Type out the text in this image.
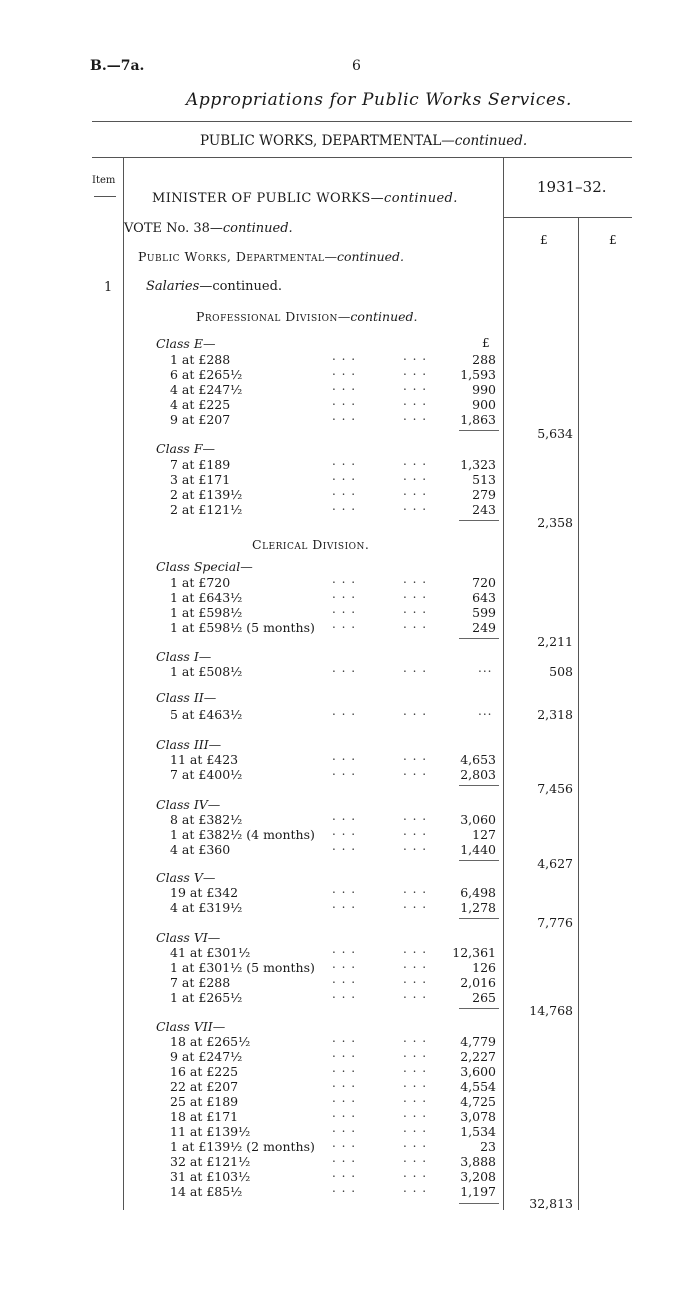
B.—7a.	6
Appropriations for Public Works Services.
PUBLIC WORKS, DEPARTMENTAL—continued.
Item	1931–32.
£	£
MINISTER OF PUBLIC WORKS—continued.
VOTE No. 38—continued.
Public Works, Departmental—continued.
1	Salaries—continued.
Professional Division—continued.
£
Class E—
1 at £288	. . .	. . .	288
6 at £265½	. . .	. . .	1,593
4 at £247½	. . .	. . .	990
4 at £225	. . .	. . .	900
9 at £207	. . .	. . .	1,863
5,634
Class F—
7 at £189	. . .	. . .	1,323
3 at £171	. . .	. . .	513
2 at £139½	. . .	. . .	279
2 at £121½	. . .	. . .	243
2,358
Clerical Division.
Class Special—
1 at £720	. . .	. . .	720
1 at £643½	. . .	. . .	643
1 at £598½	. . .	. . .	599
1 at £598½ (5 months) . . .	. . .	249
2,211
Class I—
1 at £508½	. . .	. . .	...	508
Class II—
5 at £463½	. . .	. . .	...	2,318
Class III—
11 at £423	. . .	. . .	4,653
7 at £400½	. . .	. . .	2,803
7,456
Class IV—
8 at £382½	. . .	. . .	3,060
1 at £382½ (4 months) . . .	. . .	127
4 at £360	. . .	. . .	1,440
4,627
Class V—
19 at £342	. . .	. . .	6,498
4 at £319½	. . .	. . .	1,278
7,776
Class VI—
41 at £301½	. . .	. . .	12,361
1 at £301½ (5 months) . . .	. . .	126
7 at £288	. . .	. . .	2,016
1 at £265½	. . .	. . .	265
14,768
Class VII—
18 at £265½	. . .	. . .	4,779
9 at £247½	. . .	. . .	2,227
16 at £225	. . .	. . .	3,600
22 at £207	. . .	. . .	4,554
25 at £189	. . .	. . .	4,725
18 at £171	. . .	. . .	3,078
11 at £139½	. . .	. . .	1,534
1 at £139½ (2 months) . . .	. . .	23
32 at £121½	. . .	. . .	3,888
31 at £103½	. . .	. . .	3,208
14 at £85½	. . .	. . .	1,197
32,813
